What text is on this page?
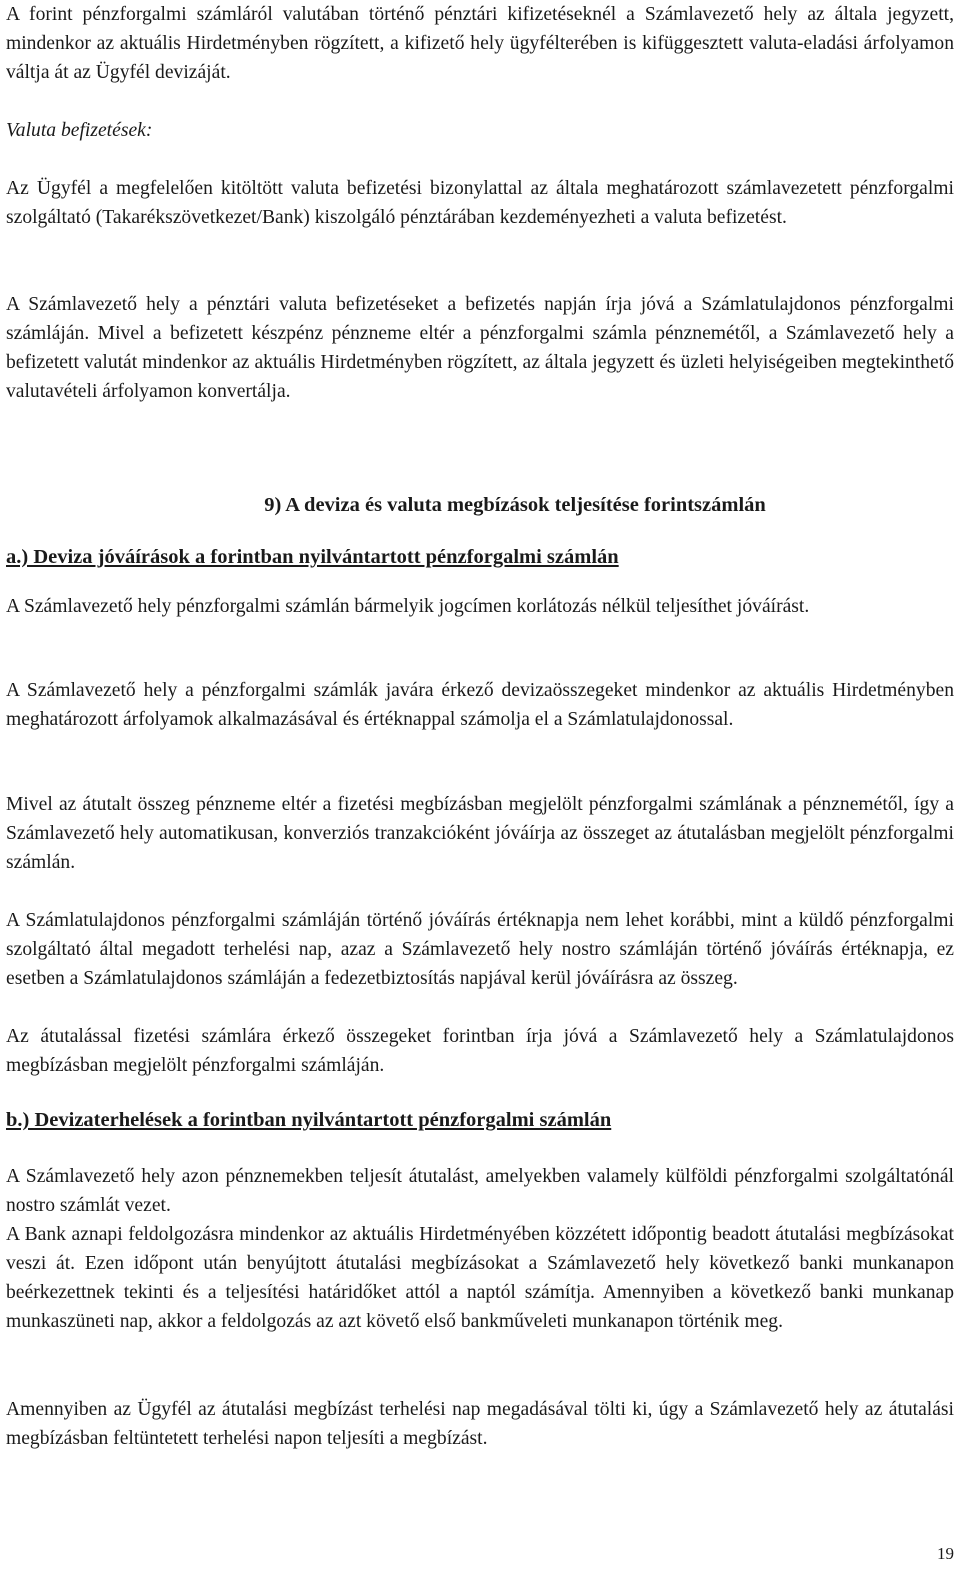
A forint pénzforgalmi számláról valutában történő pénztári kifizetéseknél a Számlavezető hely az általa jegyzett, mindenkor az aktuális Hirdetményben rögzített, a kifizető hely ügyfélterében is kifüggesztett valuta-eladási árfolyamon váltja át az Ügyfél devizáját.

Valuta befizetések:

Az Ügyfél a megfelelően kitöltött valuta befizetési bizonylattal az általa meghatározott számlavezetett pénzforgalmi szolgáltató (Takarékszövetkezet/Bank) kiszolgáló pénztárában kezdeményezheti a valuta befizetést.

A Számlavezető hely a pénztári valuta befizetéseket a befizetés napján írja jóvá a Számlatulajdonos pénzforgalmi számláján. Mivel a befizetett készpénz pénzneme eltér a pénzforgalmi számla pénznemétől, a Számlavezető hely a befizetett valutát mindenkor az aktuális Hirdetményben rögzített, az általa jegyzett és üzleti helyiségeiben megtekinthető valutavételi árfolyamon konvertálja.

9) A deviza és valuta megbízások teljesítése forintszámlán

a.) Deviza jóváírások a forintban nyilvántartott pénzforgalmi számlán

A Számlavezető hely pénzforgalmi számlán bármelyik jogcímen korlátozás nélkül teljesíthet jóváírást.

A Számlavezető hely a pénzforgalmi számlák javára érkező devizaösszegeket mindenkor az aktuális Hirdetményben meghatározott árfolyamok alkalmazásával és értéknappal számolja el a Számlatulajdonossal.

Mivel az átutalt összeg pénzneme eltér a fizetési megbízásban megjelölt pénzforgalmi számlának a pénznemétől, így a Számlavezető hely automatikusan, konverziós tranzakcióként jóváírja az összeget az átutalásban megjelölt pénzforgalmi számlán.

A Számlatulajdonos pénzforgalmi számláján történő jóváírás értéknapja nem lehet korábbi, mint a küldő pénzforgalmi szolgáltató által megadott terhelési nap, azaz a Számlavezető hely nostro számláján történő jóváírás értéknapja, ez esetben a Számlatulajdonos számláján a fedezetbiztosítás napjával kerül jóváírásra az összeg.

Az átutalással fizetési számlára érkező összegeket forintban írja jóvá a Számlavezető hely a Számlatulajdonos megbízásban megjelölt pénzforgalmi számláján.

b.) Devizaterhelések a forintban nyilvántartott pénzforgalmi számlán

A Számlavezető hely azon pénznemekben teljesít átutalást, amelyekben valamely külföldi pénzforgalmi szolgáltatónál nostro számlát vezet.

A Bank aznapi feldolgozásra mindenkor az aktuális Hirdetményében közzétett időpontig beadott átutalási megbízásokat veszi át. Ezen időpont után benyújtott átutalási megbízásokat a Számlavezető hely következő banki munkanapon beérkezettnek tekinti és a teljesítési határidőket attól a naptól számítja. Amennyiben a következő banki munkanap munkaszüneti nap, akkor a feldolgozás az azt követő első bankműveleti munkanapon történik meg.

Amennyiben az Ügyfél az átutalási megbízást terhelési nap megadásával tölti ki, úgy a Számlavezető hely az átutalási megbízásban feltüntetett terhelési napon teljesíti a megbízást.

19
